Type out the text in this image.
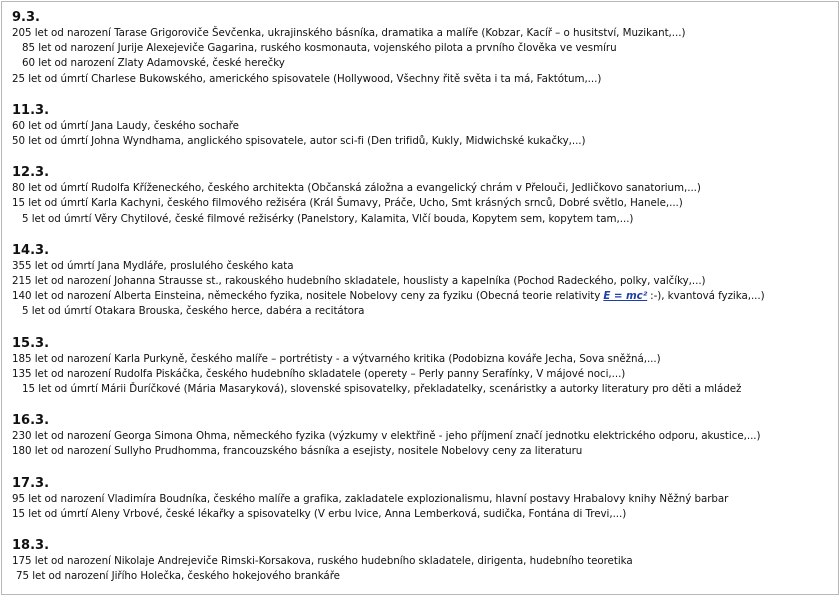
9.3.
205 let od narození Tarase Grigoroviče Ševčenka, ukrajinského básníka, dramatika a malíře (Kobzar, Kacíř – o husitství, Muzikant,...)
85 let od narození Jurije Alexejeviče Gagarina, ruského kosmonauta, vojenského pilota a prvního člověka ve vesmíru
60 let od narození Zlaty Adamovské, české herečky
25 let od úmrtí Charlese Bukowského, amerického spisovatele (Hollywood, Všechny řitě světa i ta má, Faktótum,...)
11.3.
60 let od úmrtí Jana Laudy, českého sochaře
50 let od úmrtí Johna Wyndhama, anglického spisovatele, autor sci-fi (Den trifidů, Kukly, Midwichské kukačky,...)
12.3.
80 let od úmrtí Rudolfa Kříženeckého, českého architekta (Občanská záložna a evangelický chrám v Přelouči, Jedličkovo sanatorium,...)
15 let od úmrtí Karla Kachyni, českého filmového režiséra (Král Šumavy, Práče, Ucho, Smt krásných srnců, Dobré světlo, Hanele,...)
5 let od úmrtí Věry Chytilové, české filmové režisérky (Panelstory, Kalamita, Vlčí bouda, Kopytem sem, kopytem tam,...)
14.3.
355 let od úmrtí Jana Mydláře, proslulého českého kata
215 let od narození Johanna Strausse st., rakouského hudebního skladatele, houslisty a kapelníka (Pochod Radeckého, polky, valčíky,...)
140 let od narození Alberta Einsteina, německého fyzika, nositele Nobelovy ceny za fyziku (Obecná teorie relativity E = mc² :-), kvantová fyzika,...)
5 let od úmrtí Otakara Brouska, českého herce, dabéra a recitátora
15.3.
185 let od narození Karla Purkyně, českého malíře – portrétisty - a výtvarného kritika (Podobizna kováře Jecha, Sova sněžná,...)
135 let od narození Rudolfa Piskáčka, českého hudebního skladatele (operety – Perly panny Serafínky, V májové noci,...)
15 let od úmrtí Márii Ďuríčkové (Mária Masaryková), slovenské spisovatelky, překladatelky, scenáristky a autorky literatury pro děti a mládež
16.3.
230 let od narození Georga Simona Ohma, německého fyzika (výzkumy v elektřině - jeho příjmení značí jednotku elektrického odporu, akustice,...)
180 let od narození Sullyho Prudhomma, francouzského básníka a esejisty, nositele Nobelovy ceny za literaturu
17.3.
95 let od narození Vladimíra Boudníka, českého malíře a grafika, zakladatele explozionalismu, hlavní postavy Hrabalovy knihy Něžný barbar
15 let od úmrtí Aleny Vrbové, české lékařky a spisovatelky (V erbu lvice, Anna Lemberková, sudička, Fontána di Trevi,...)
18.3.
175 let od narození Nikolaje Andrejeviče Rimski-Korsakova, ruského hudebního skladatele, dirigenta, hudebního teoretika
75 let od narození Jiřího Holečka, českého hokejového brankáře
